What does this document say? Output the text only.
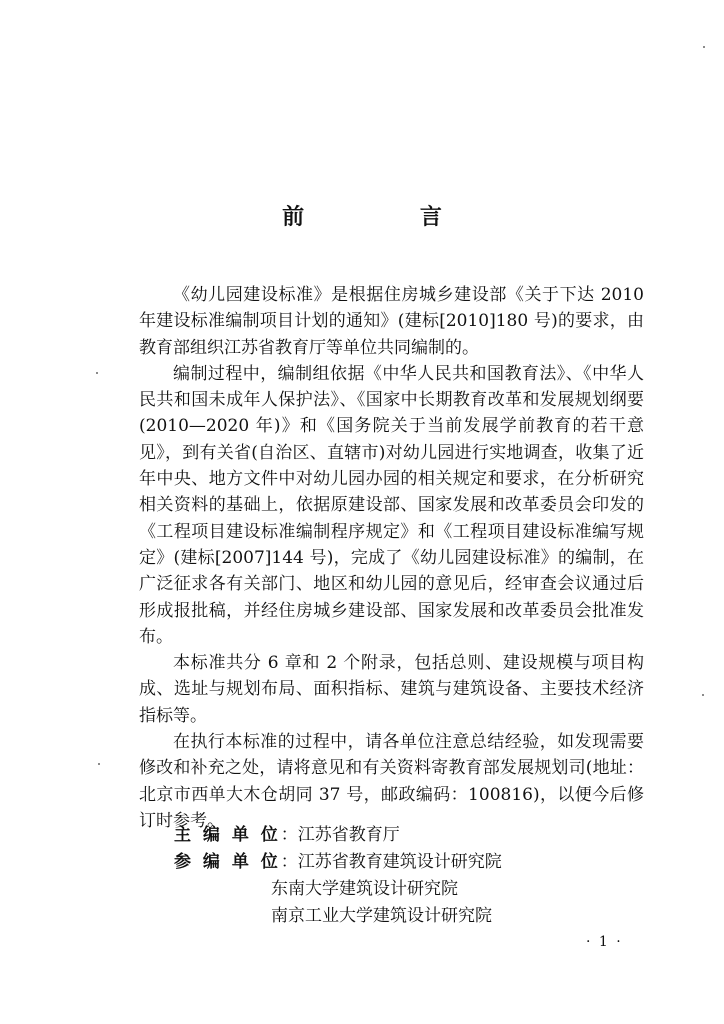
前 言

《幼儿园建设标准》是根据住房城乡建设部《关于下达 2010 年建设标准编制项目计划的通知》(建标[2010]180 号)的要求，由教育部组织江苏省教育厅等单位共同编制的。

编制过程中，编制组依据《中华人民共和国教育法》、《中华人民共和国未成年人保护法》、《国家中长期教育改革和发展规划纲要(2010—2020 年)》和《国务院关于当前发展学前教育的若干意见》，到有关省(自治区、直辖市)对幼儿园进行实地调查，收集了近年中央、地方文件中对幼儿园办园的相关规定和要求，在分析研究相关资料的基础上，依据原建设部、国家发展和改革委员会印发的《工程项目建设标准编制程序规定》和《工程项目建设标准编写规定》(建标[2007]144 号)，完成了《幼儿园建设标准》的编制，在广泛征求各有关部门、地区和幼儿园的意见后，经审查会议通过后形成报批稿，并经住房城乡建设部、国家发展和改革委员会批准发布。

本标准共分 6 章和 2 个附录，包括总则、建设规模与项目构成、选址与规划布局、面积指标、建筑与建筑设备、主要技术经济指标等。

在执行本标准的过程中，请各单位注意总结经验，如发现需要修改和补充之处，请将意见和有关资料寄教育部发展规划司(地址：北京市西单大木仓胡同 37 号，邮政编码：100816)，以便今后修订时参考。

主 编 单 位：江苏省教育厅
参 编 单 位：江苏省教育建筑设计研究院
东南大学建筑设计研究院
南京工业大学建筑设计研究院
· 1 ·
